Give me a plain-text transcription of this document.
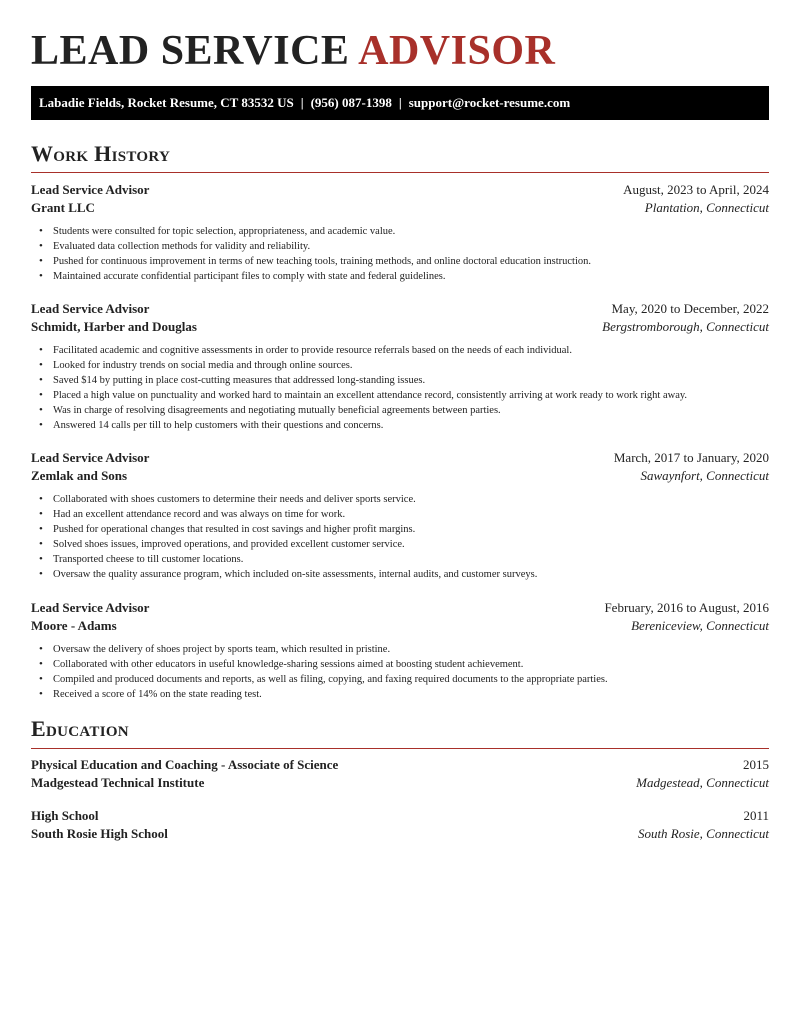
LEAD SERVICE ADVISOR
Labadie Fields, Rocket Resume, CT 83532 US | (956) 087-1398 | support@rocket-resume.com
Work History
Lead Service Advisor	August, 2023 to April, 2024
Grant LLC	Plantation, Connecticut
• Students were consulted for topic selection, appropriateness, and academic value.
• Evaluated data collection methods for validity and reliability.
• Pushed for continuous improvement in terms of new teaching tools, training methods, and online doctoral education instruction.
• Maintained accurate confidential participant files to comply with state and federal guidelines.
Lead Service Advisor	May, 2020 to December, 2022
Schmidt, Harber and Douglas	Bergstromborough, Connecticut
• Facilitated academic and cognitive assessments in order to provide resource referrals based on the needs of each individual.
• Looked for industry trends on social media and through online sources.
• Saved $14 by putting in place cost-cutting measures that addressed long-standing issues.
• Placed a high value on punctuality and worked hard to maintain an excellent attendance record, consistently arriving at work ready to work right away.
• Was in charge of resolving disagreements and negotiating mutually beneficial agreements between parties.
• Answered 14 calls per till to help customers with their questions and concerns.
Lead Service Advisor	March, 2017 to January, 2020
Zemlak and Sons	Sawaynfort, Connecticut
• Collaborated with shoes customers to determine their needs and deliver sports service.
• Had an excellent attendance record and was always on time for work.
• Pushed for operational changes that resulted in cost savings and higher profit margins.
• Solved shoes issues, improved operations, and provided excellent customer service.
• Transported cheese to till customer locations.
• Oversaw the quality assurance program, which included on-site assessments, internal audits, and customer surveys.
Lead Service Advisor	February, 2016 to August, 2016
Moore - Adams	Bereniceview, Connecticut
• Oversaw the delivery of shoes project by sports team, which resulted in pristine.
• Collaborated with other educators in useful knowledge-sharing sessions aimed at boosting student achievement.
• Compiled and produced documents and reports, as well as filing, copying, and faxing required documents to the appropriate parties.
• Received a score of 14% on the state reading test.
Education
Physical Education and Coaching - Associate of Science	2015
Madgestead Technical Institute	Madgestead, Connecticut
High School	2011
South Rosie High School	South Rosie, Connecticut
